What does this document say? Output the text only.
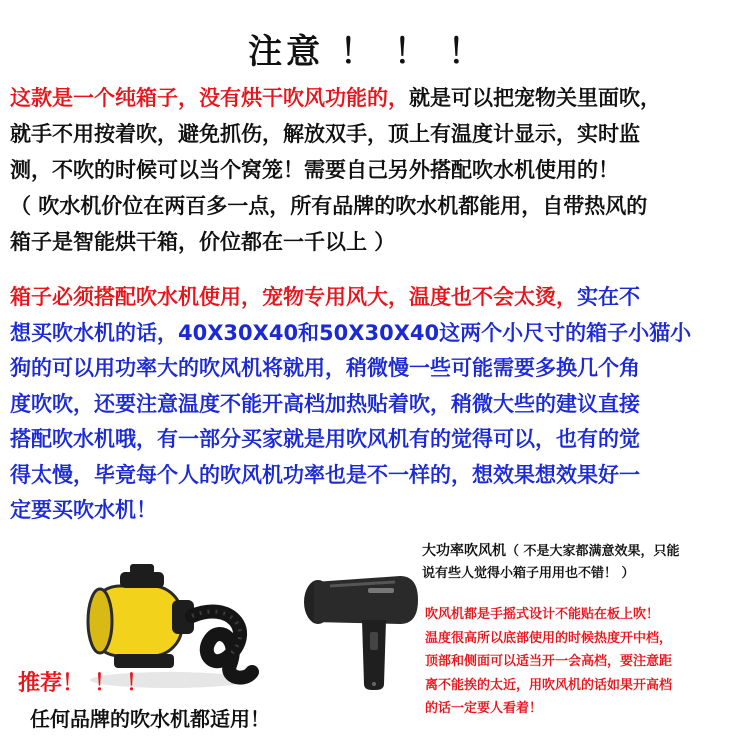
注意 ！！！
这款是一个纯箱子，没有烘干吹风功能的，就是可以把宠物关里面吹，
就手不用按着吹，避免抓伤，解放双手，顶上有温度计显示，实时监
测，不吹的时候可以当个窝笼！需要自己另外搭配吹水机使用的！
（ 吹水机价位在两百多一点，所有品牌的吹水机都能用，自带热风的
箱子是智能烘干箱，价位都在一千以上 ）
箱子必须搭配吹水机使用，宠物专用风大，温度也不会太烫，实在不
想买吹水机的话，40X30X40和50X30X40这两个小尺寸的箱子小猫小
狗的可以用功率大的吹风机将就用，稍微慢一些可能需要多换几个角
度吹吹，还要注意温度不能开高档加热贴着吹，稍微大些的建议直接
搭配吹水机哦，有一部分买家就是用吹风机有的觉得可以，也有的觉
得太慢，毕竟每个人的吹风机功率也是不一样的，想效果想效果好一
定要买吹水机！
大功率吹风机（ 不是大家都满意效果，只能
说有些人觉得小箱子用用也不错！ ）
吹风机都是手摇式设计不能贴在板上吹！
温度很高所以底部使用的时候热度开中档，
顶部和侧面可以适当开一会高档，要注意距
离不能挨的太近，用吹风机的话如果开高档
的话一定要人看着！
推荐！！！
任何品牌的吹水机都适用！
